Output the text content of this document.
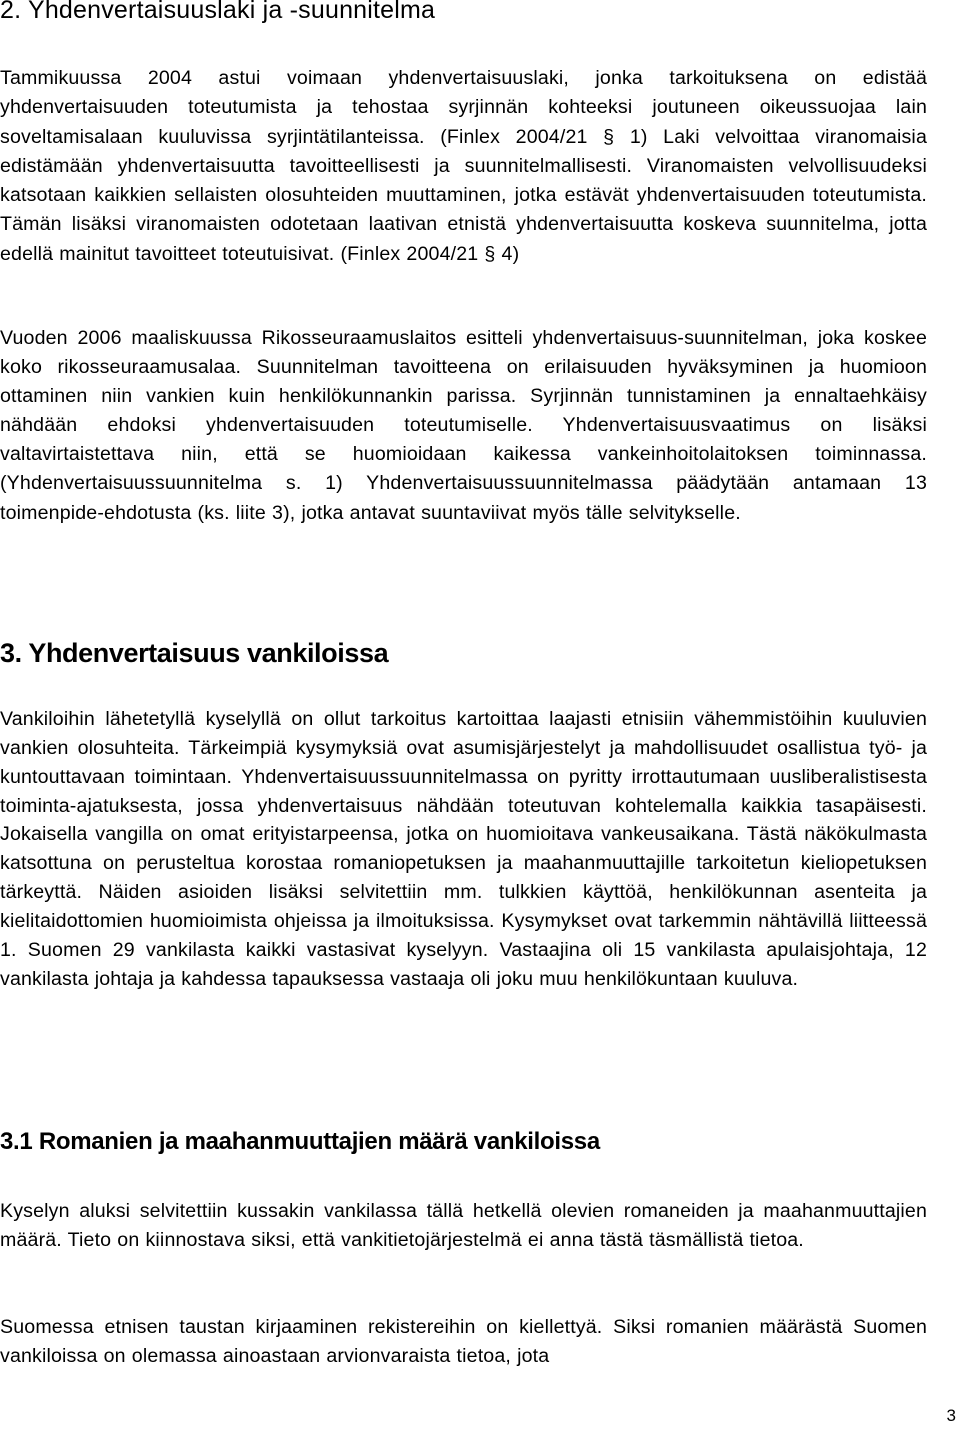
2. Yhdenvertaisuuslaki ja -suunnitelma

Tammikuussa 2004 astui voimaan yhdenvertaisuuslaki, jonka tarkoituksena on edistää yhdenvertaisuuden toteutumista ja tehostaa syrjinnän kohteeksi joutuneen oikeussuojaa lain soveltamisalaan kuuluvissa syrjintätilanteissa. (Finlex 2004/21 § 1) Laki velvoittaa viranomaisia edistämään yhdenvertaisuutta tavoitteellisesti ja suunnitelmallisesti. Viranomaisten velvollisuudeksi katsotaan kaikkien sellaisten olosuhteiden muuttaminen, jotka estävät yhdenvertaisuuden toteutumista. Tämän lisäksi viranomaisten odotetaan laativan etnistä yhdenvertaisuutta koskeva suunnitelma, jotta edellä mainitut tavoitteet toteutuisivat. (Finlex 2004/21 § 4)

Vuoden 2006 maaliskuussa Rikosseuraamuslaitos esitteli yhdenvertaisuus-suunnitelman, joka koskee koko rikosseuraamusalaa. Suunnitelman tavoitteena on erilaisuuden hyväksyminen ja huomioon ottaminen niin vankien kuin henkilökunnankin parissa. Syrjinnän tunnistaminen ja ennaltaehkäisy nähdään ehdoksi yhdenvertaisuuden toteutumiselle. Yhdenvertaisuusvaatimus on lisäksi valtavirtaistettava niin, että se huomioidaan kaikessa vankeinhoitolaitoksen toiminnassa. (Yhdenvertaisuussuunnitelma s. 1) Yhdenvertaisuussuunnitelmassa päädytään antamaan 13 toimenpide-ehdotusta (ks. liite 3), jotka antavat suuntaviivat myös tälle selvitykselle.

3. Yhdenvertaisuus vankiloissa

Vankiloihin lähetetyllä kyselyllä on ollut tarkoitus kartoittaa laajasti etnisiin vähemmistöihin kuuluvien vankien olosuhteita. Tärkeimpiä kysymyksiä ovat asumisjärjestelyt ja mahdollisuudet osallistua työ- ja kuntouttavaan toimintaan. Yhdenvertaisuussuunnitelmassa on pyritty irrottautumaan uusliberalistisesta toiminta-ajatuksesta, jossa yhdenvertaisuus nähdään toteutuvan kohtelemalla kaikkia tasapäisesti. Jokaisella vangilla on omat erityistarpeensa, jotka on huomioitava vankeusaikana. Tästä näkökulmasta katsottuna on perusteltua korostaa romaniopetuksen ja maahanmuuttajille tarkoitetun kieliopetuksen tärkeyttä. Näiden asioiden lisäksi selvitettiin mm. tulkkien käyttöä, henkilökunnan asenteita ja kielitaidottomien huomioimista ohjeissa ja ilmoituksissa. Kysymykset ovat tarkemmin nähtävillä liitteessä 1. Suomen 29 vankilasta kaikki vastasivat kyselyyn. Vastaajina oli 15 vankilasta apulaisjohtaja, 12 vankilasta johtaja ja kahdessa tapauksessa vastaaja oli joku muu henkilökuntaan kuuluva.

3.1 Romanien ja maahanmuuttajien määrä vankiloissa

Kyselyn aluksi selvitettiin kussakin vankilassa tällä hetkellä olevien romaneiden ja maahanmuuttajien määrä. Tieto on kiinnostava siksi, että vankitietojärjestelmä ei anna tästä täsmällistä tietoa.

Suomessa etnisen taustan kirjaaminen rekistereihin on kiellettyä. Siksi romanien määrästä Suomen vankiloissa on olemassa ainoastaan arvionvaraista tietoa, jota

3
